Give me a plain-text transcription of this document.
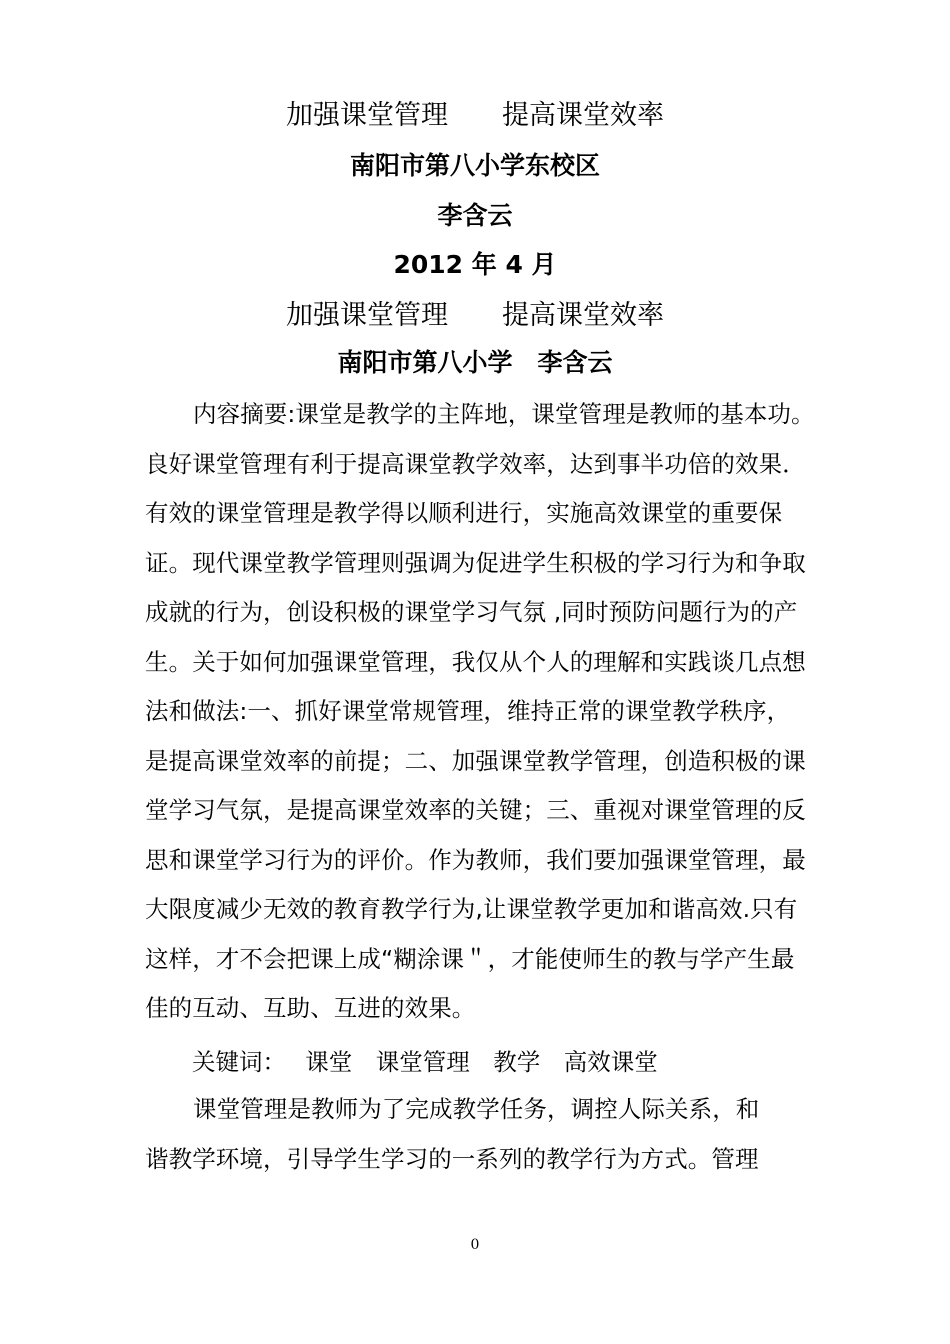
加强课堂管理　　提高课堂效率
南阳市第八小学东校区
李含云
2012 年 4 月
加强课堂管理　　提高课堂效率
南阳市第八小学　李含云
内容摘要:课堂是教学的主阵地，课堂管理是教师的基本功。
良好课堂管理有利于提高课堂教学效率，达到事半功倍的效果．
有效的课堂管理是教学得以顺利进行，实施高效课堂的重要保
证。现代课堂教学管理则强调为促进学生积极的学习行为和争取
成就的行为，创设积极的课堂学习气氛 ,同时预防问题行为的产
生。关于如何加强课堂管理，我仅从个人的理解和实践谈几点想
法和做法:一、抓好课堂常规管理，维持正常的课堂教学秩序，
是提高课堂效率的前提；二、加强课堂教学管理，创造积极的课
堂学习气氛，是提高课堂效率的关键；三、重视对课堂管理的反
思和课堂学习行为的评价。作为教师，我们要加强课堂管理，最
大限度减少无效的教育教学行为,让课堂教学更加和谐高效.只有
这样，才不会把课上成“糊涂课＂，才能使师生的教与学产生最
佳的互动、互助、互进的效果。
关键词：　 课堂　课堂管理　教学　高效课堂
课堂管理是教师为了完成教学任务，调控人际关系，和
谐教学环境，引导学生学习的一系列的教学行为方式。管理
0
